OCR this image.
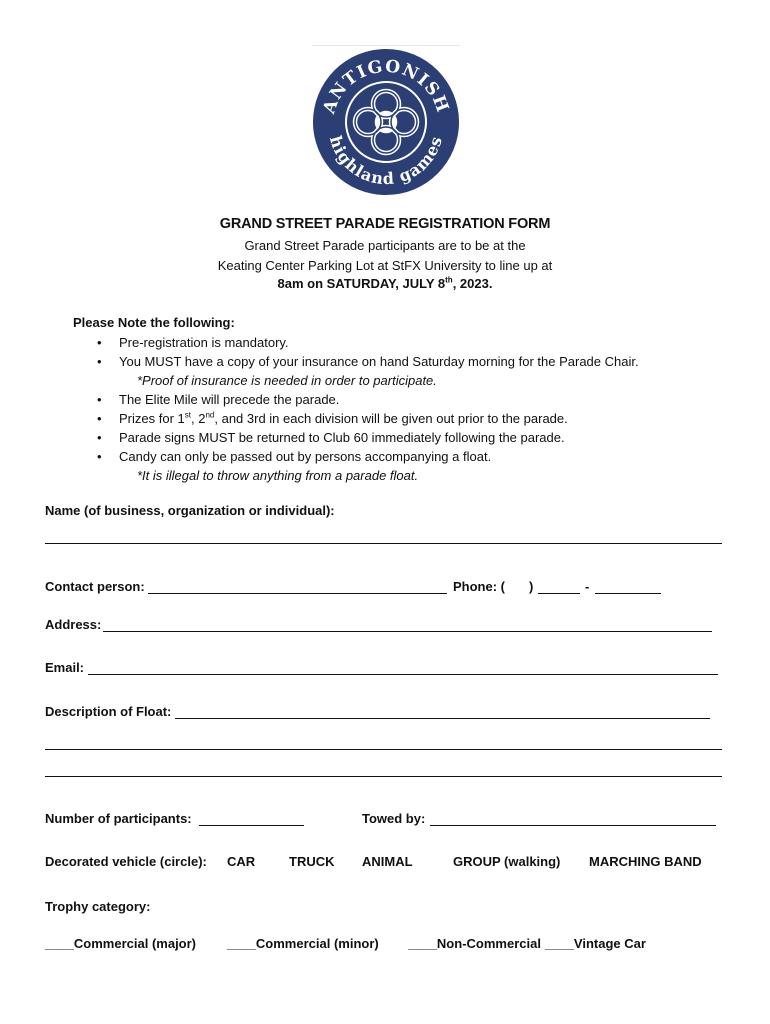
ANTIGONISH
highland games
GRAND STREET PARADE REGISTRATION FORM
Grand Street Parade participants are to be at the
Keating Center Parking Lot at StFX University to line up at
8am on SATURDAY, JULY 8th, 2023.
Please Note the following:
• Pre-registration is mandatory.
• You MUST have a copy of your insurance on hand Saturday morning for the Parade Chair.
*Proof of insurance is needed in order to participate.
• The Elite Mile will precede the parade.
• Prizes for 1st, 2nd, and 3rd in each division will be given out prior to the parade.
• Parade signs MUST be returned to Club 60 immediately following the parade.
• Candy can only be passed out by persons accompanying a float.
*It is illegal to throw anything from a parade float.
Name (of business, organization or individual):
Contact person:	Phone: ( )	-
Address:
Email:
Description of Float:
Number of participants:	Towed by:
Decorated vehicle (circle): CAR	TRUCK ANIMAL	GROUP (walking) MARCHING BAND
Trophy category:
____Commercial (major) ____Commercial (minor) ____Non-Commercial ____Vintage Car
